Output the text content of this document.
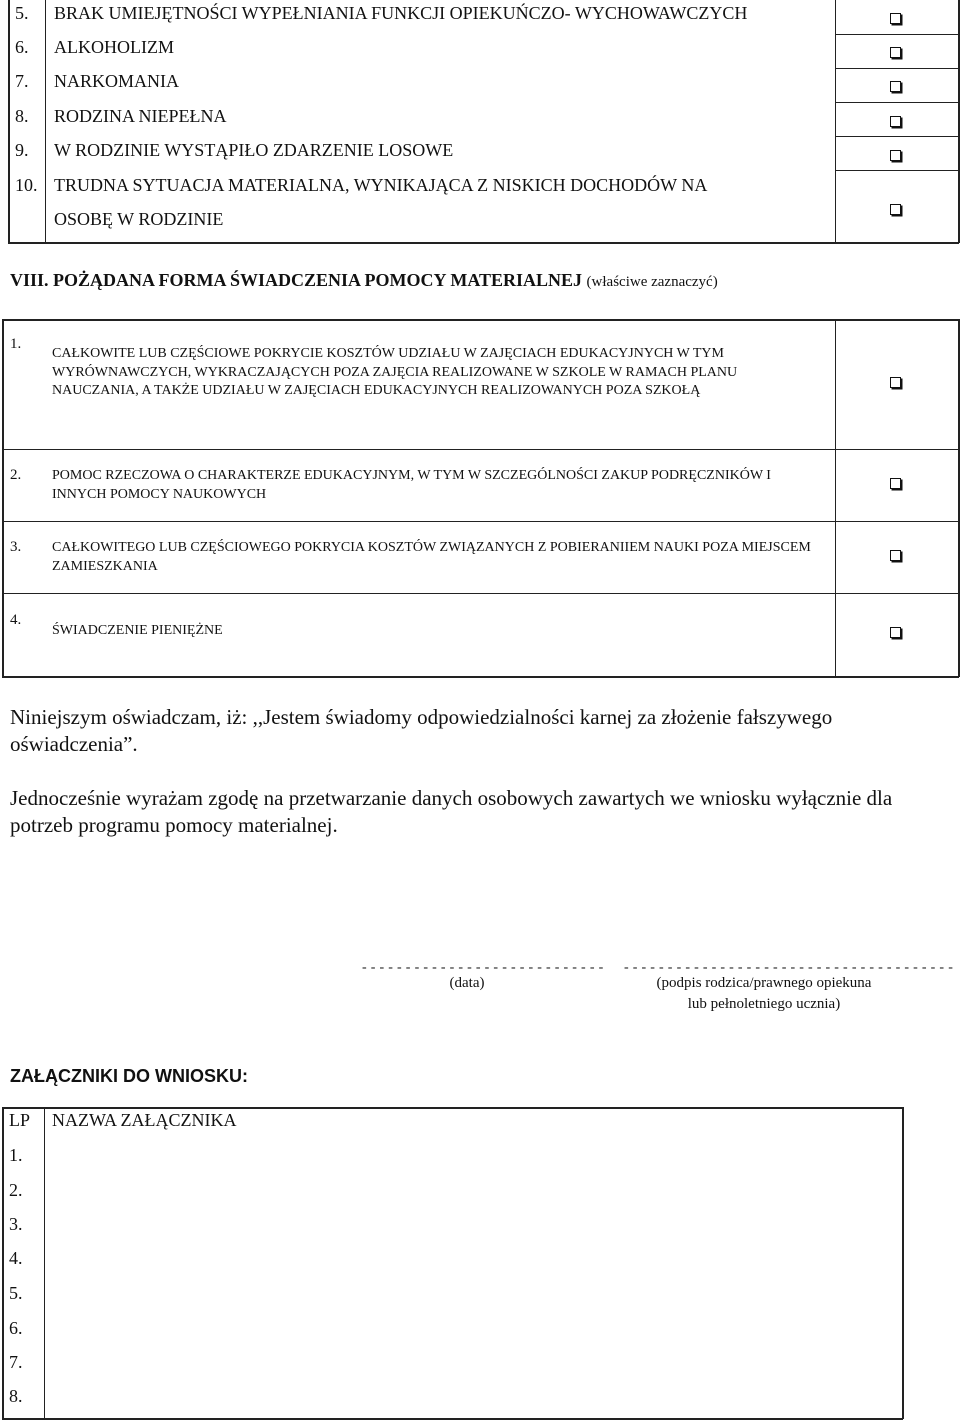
5. BRAK UMIEJĘTNOŚCI WYPEŁNIANIA FUNKCJI OPIEKUŃCZO- WYCHOWAWCZYCH
6. ALKOHOLIZM
7. NARKOMANIA
8. RODZINA NIEPEŁNA
9. W RODZINIE WYSTĄPIŁO ZDARZENIE LOSOWE
10. TRUDNA SYTUACJA MATERIALNA, WYNIKAJĄCA Z NISKICH DOCHODÓW NA
OSOBĘ W RODZINIE
VIII. POŻĄDANA FORMA ŚWIADCZENIA POMOCY MATERIALNEJ (właściwe zaznaczyć)
1.
CAŁKOWITE LUB CZĘŚCIOWE POKRYCIE KOSZTÓW UDZIAŁU W ZAJĘCIACH EDUKACYJNYCH W TYM WYRÓWNAWCZYCH, WYKRACZAJĄCYCH POZA ZAJĘCIA REALIZOWANE W SZKOLE W RAMACH PLANU NAUCZANIA, A TAKŻE UDZIAŁU W ZAJĘCIACH EDUKACYJNYCH REALIZOWANYCH POZA SZKOŁĄ
2. POMOC RZECZOWA O CHARAKTERZE EDUKACYJNYM, W TYM W SZCZEGÓLNOŚCI ZAKUP PODRĘCZNIKÓW I INNYCH POMOCY NAUKOWYCH
3. CAŁKOWITEGO LUB CZĘŚCIOWEGO POKRYCIA KOSZTÓW ZWIĄZANYCH Z POBIERANIIEM NAUKI POZA MIEJSCEM ZAMIESZKANIA
4.
ŚWIADCZENIE PIENIĘŻNE
Niniejszym oświadczam, iż: ,,Jestem świadomy odpowiedzialności karnej za złożenie fałszywego oświadczenia”.
Jednocześnie wyrażam zgodę na przetwarzanie danych osobowych zawartych we wniosku wyłącznie dla potrzeb programu pomocy materialnej.
- - - - - - - - - - - - - - - - - - - - - - - - - - - - - - - - - - - - - - - - - - - - - - - - - - - - - - - - - - - - - - - - - -
(data)	(podpis rodzica/prawnego opiekuna
lub pełnoletniego ucznia)
ZAŁĄCZNIKI DO WNIOSKU:
LP NAZWA ZAŁĄCZNIKA
1.
2.
3.
4.
5.
6.
7.
8.
